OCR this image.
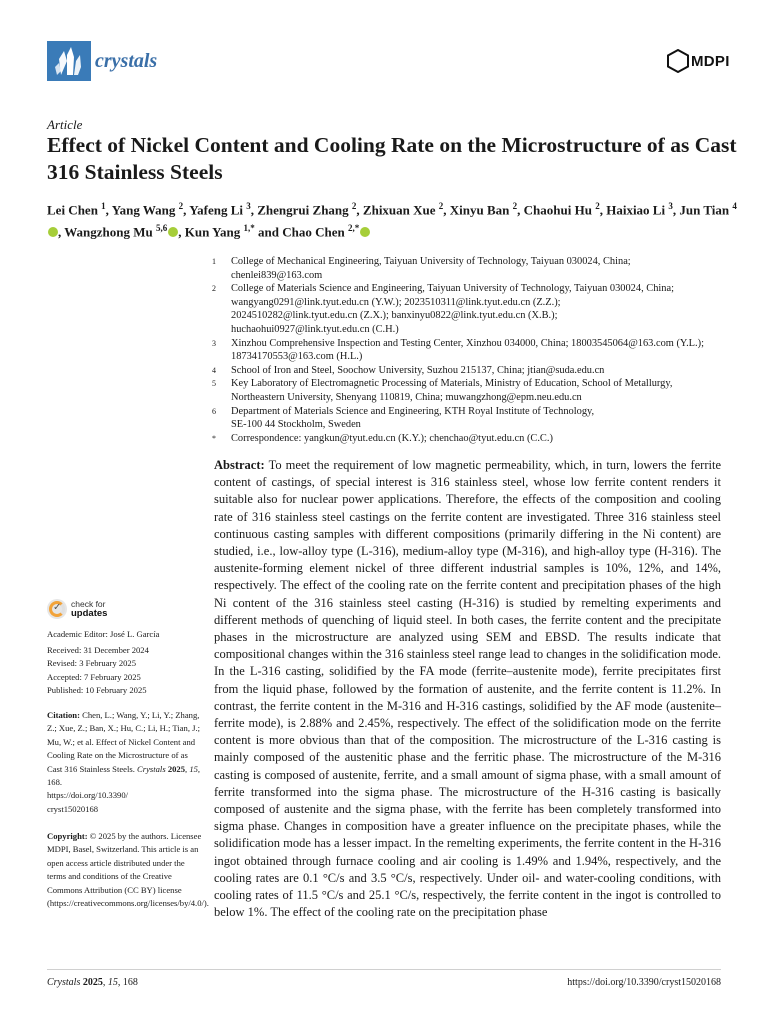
crystals	MDPI
Article
Effect of Nickel Content and Cooling Rate on the Microstructure of as Cast 316 Stainless Steels
Lei Chen $^1$, Yang Wang $^2$, Yafeng Li $^3$, Zhengrui Zhang $^2$, Zhixuan Xue $^2$, Xinyu Ban $^2$, Chaohui Hu $^2$, Haixiao Li $^3$, Jun Tian $^4$, Wangzhong Mu $^{5,6}$ , Kun Yang $^{1,*}$ and Chao Chen $^{2,*}$
1	College of Mechanical Engineering, Taiyuan University of Technology, Taiyuan 030024, China;
chenlei839@163.com
2	College of Materials Science and Engineering, Taiyuan University of Technology, Taiyuan 030024, China;
wangyang0291@link.tyut.edu.cn (Y.W.); 2023510311@link.tyut.edu.cn (Z.Z.);
2024510282@link.tyut.edu.cn (Z.X.); banxinyu0822@link.tyut.edu.cn (X.B.);
huchaohui0927@link.tyut.edu.cn (C.H.)
3	Xinzhou Comprehensive Inspection and Testing Center, Xinzhou 034000, China; 18003545064@163.com (Y.L.);
18734170553@163.com (H.L.)
4	School of Iron and Steel, Soochow University, Suzhou 215137, China; jtian@suda.edu.cn
5	Key Laboratory of Electromagnetic Processing of Materials, Ministry of Education, School of Metallurgy,
Northeastern University, Shenyang 110819, China; muwangzhong@epm.neu.edu.cn
6	Department of Materials Science and Engineering, KTH Royal Institute of Technology,
SE-100 44 Stockholm, Sweden
*	Correspondence: yangkun@tyut.edu.cn (K.Y.); chenchao@tyut.edu.cn (C.C.)
✓ check for
updates
Academic Editor: José L. García
Received: 31 December 2024
Revised: 3 February 2025
Accepted: 7 February 2025
Published: 10 February 2025
Citation: Chen, L.; Wang, Y.; Li, Y.; Zhang, Z.; Xue, Z.; Ban, X.; Hu, C.; Li, H.; Tian, J.; Mu, W.; et al. Effect of Nickel Content and Cooling Rate on the Microstructure of as Cast 316 Stainless Steels. Crystals 2025, 15, 168.
https://doi.org/10.3390/
cryst15020168
Copyright: © 2025 by the authors. Licensee MDPI, Basel, Switzerland. This article is an open access article distributed under the terms and conditions of the Creative Commons Attribution (CC BY) license (https://creativecommons.org/licenses/by/4.0/).
Abstract: To meet the requirement of low magnetic permeability, which, in turn, lowers the ferrite content of castings, of special interest is 316 stainless steel, whose low ferrite content renders it suitable also for nuclear power applications. Therefore, the effects of the composition and cooling rate of 316 stainless steel castings on the ferrite content are investigated. Three 316 stainless steel continuous casting samples with different compositions (primarily differing in the Ni content) are studied, i.e., low-alloy type (L-316), medium-alloy type (M-316), and high-alloy type (H-316). The austenite-forming element nickel of three different industrial samples is 10%, 12%, and 14%, respectively. The effect of the cooling rate on the ferrite content and precipitation phases of the high Ni content of the 316 stainless steel casting (H-316) is studied by remelting experiments and different methods of quenching of liquid steel. In both cases, the ferrite content and the precipitate phases in the microstructure are analyzed using SEM and EBSD. The results indicate that compositional changes within the 316 stainless steel range lead to changes in the solidification mode. In the L-316 casting, solidified by the FA mode (ferrite–austenite mode), ferrite precipitates first from the liquid phase, followed by the formation of austenite, and the ferrite content is 11.2%. In contrast, the ferrite content in the M-316 and H-316 castings, solidified by the AF mode (austenite–ferrite mode), is 2.88% and 2.45%, respectively. The effect of the solidification mode on the ferrite content is more obvious than that of the composition. The microstructure of the L-316 casting is mainly composed of the austenitic phase and the ferritic phase. The microstructure of the M-316 casting is composed of austenite, ferrite, and a small amount of sigma phase, with a small amount of ferrite transformed into the sigma phase. The microstructure of the H-316 casting is basically composed of austenite and the sigma phase, with the ferrite has been completely transformed into sigma phase. Changes in composition have a greater influence on the precipitate phases, while the solidification mode has a lesser impact. In the remelting experiments, the ferrite content in the H-316 ingot obtained through furnace cooling and air cooling is 1.49% and 1.94%, respectively, and the cooling rates are 0.1 °C/s and 3.5 °C/s, respectively. Under oil- and water-cooling conditions, with cooling rates of 11.5 °C/s and 25.1 °C/s, respectively, the ferrite content in the ingot is controlled to below 1%. The effect of the cooling rate on the precipitation phase
Crystals 2025, 15, 168	https://doi.org/10.3390/cryst15020168
